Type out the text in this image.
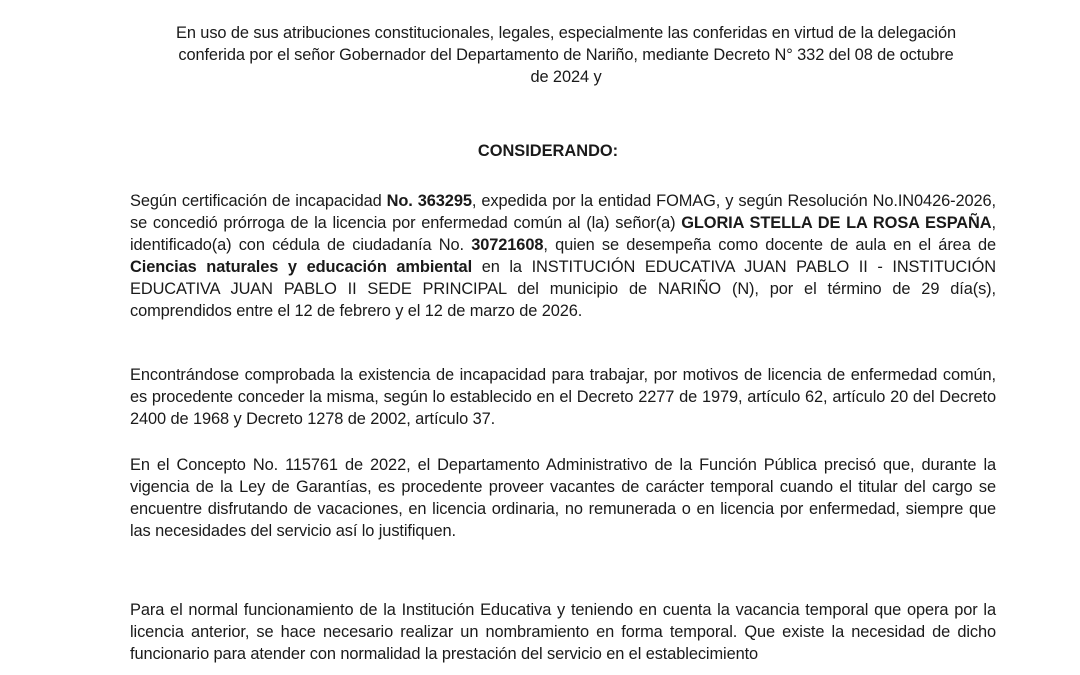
En uso de sus atribuciones constitucionales, legales, especialmente las conferidas en virtud de la delegación
conferida por el señor Gobernador del Departamento de Nariño, mediante Decreto N° 332 del 08 de octubre
de 2024 y
CONSIDERANDO:
Según certificación de incapacidad No. 363295, expedida por la entidad FOMAG, y según Resolución No.IN0426-2026, se concedió prórroga de la licencia por enfermedad común al (la) señor(a) GLORIA STELLA DE LA ROSA ESPAÑA, identificado(a) con cédula de ciudadanía No. 30721608, quien se desempeña como docente de aula en el área de Ciencias naturales y educación ambiental en la INSTITUCIÓN EDUCATIVA JUAN PABLO II - INSTITUCIÓN EDUCATIVA JUAN PABLO II SEDE PRINCIPAL del municipio de NARIÑO (N), por el término de 29 día(s), comprendidos entre el 12 de febrero y el 12 de marzo de 2026.
Encontrándose comprobada la existencia de incapacidad para trabajar, por motivos de licencia de enfermedad común, es procedente conceder la misma, según lo establecido en el Decreto 2277 de 1979, artículo 62, artículo 20 del Decreto 2400 de 1968 y Decreto 1278 de 2002, artículo 37.
En el Concepto No. 115761 de 2022, el Departamento Administrativo de la Función Pública precisó que, durante la vigencia de la Ley de Garantías, es procedente proveer vacantes de carácter temporal cuando el titular del cargo se encuentre disfrutando de vacaciones, en licencia ordinaria, no remunerada o en licencia por enfermedad, siempre que las necesidades del servicio así lo justifiquen.
Para el normal funcionamiento de la Institución Educativa y teniendo en cuenta la vacancia temporal que opera por la licencia anterior, se hace necesario realizar un nombramiento en forma temporal. Que existe la necesidad de dicho funcionario para atender con normalidad la prestación del servicio en el establecimiento
